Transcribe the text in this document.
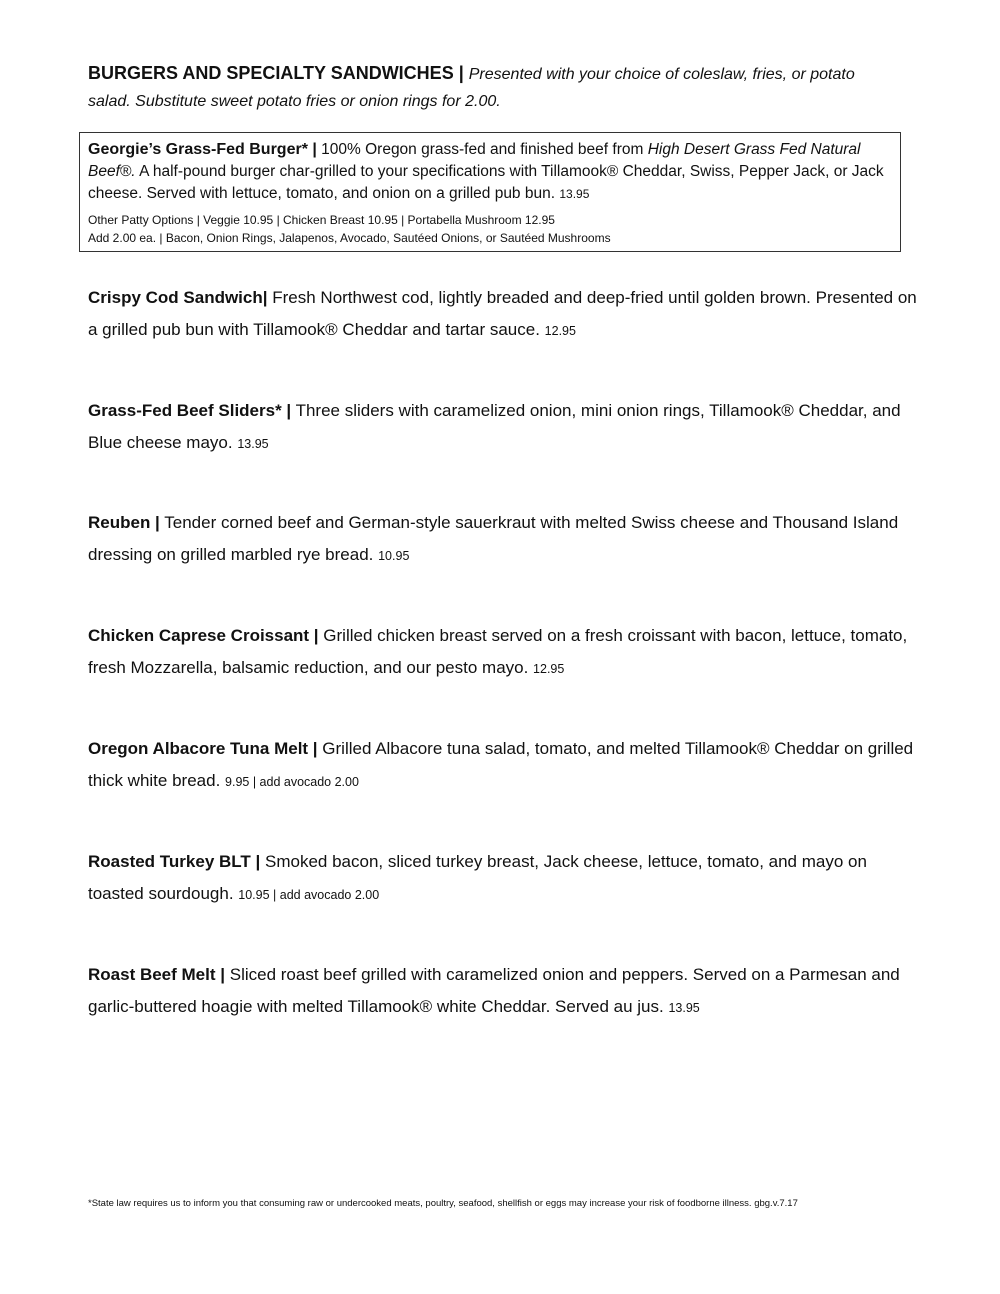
BURGERS AND SPECIALTY SANDWICHES | Presented with your choice of coleslaw, fries, or potato
salad. Substitute sweet potato fries or onion rings for 2.00.

Georgie’s Grass-Fed Burger* | 100% Oregon grass-fed and finished beef from High Desert Grass Fed Natural Beef®. A half-pound burger char-grilled to your specifications with Tillamook® Cheddar, Swiss, Pepper Jack, or Jack cheese. Served with lettuce, tomato, and onion on a grilled pub bun. 13.95

Other Patty Options | Veggie 10.95 | Chicken Breast 10.95 | Portabella Mushroom 12.95
Add 2.00 ea. | Bacon, Onion Rings, Jalapenos, Avocado, Sautéed Onions, or Sautéed Mushrooms

Crispy Cod Sandwich| Fresh Northwest cod, lightly breaded and deep-fried until golden brown. Presented on a grilled pub bun with Tillamook® Cheddar and tartar sauce. 12.95

Grass-Fed Beef Sliders* | Three sliders with caramelized onion, mini onion rings, Tillamook® Cheddar, and Blue cheese mayo. 13.95

Reuben | Tender corned beef and German-style sauerkraut with melted Swiss cheese and Thousand Island dressing on grilled marbled rye bread. 10.95

Chicken Caprese Croissant | Grilled chicken breast served on a fresh croissant with bacon, lettuce, tomato, fresh Mozzarella, balsamic reduction, and our pesto mayo. 12.95

Oregon Albacore Tuna Melt | Grilled Albacore tuna salad, tomato, and melted Tillamook® Cheddar on grilled thick white bread. 9.95 | add avocado 2.00

Roasted Turkey BLT | Smoked bacon, sliced turkey breast, Jack cheese, lettuce, tomato, and mayo on toasted sourdough. 10.95 | add avocado 2.00

Roast Beef Melt | Sliced roast beef grilled with caramelized onion and peppers. Served on a Parmesan and garlic-buttered hoagie with melted Tillamook® white Cheddar. Served au jus. 13.95

*State law requires us to inform you that consuming raw or undercooked meats, poultry, seafood, shellfish or eggs may increase your risk of foodborne illness. gbg.v.7.17
